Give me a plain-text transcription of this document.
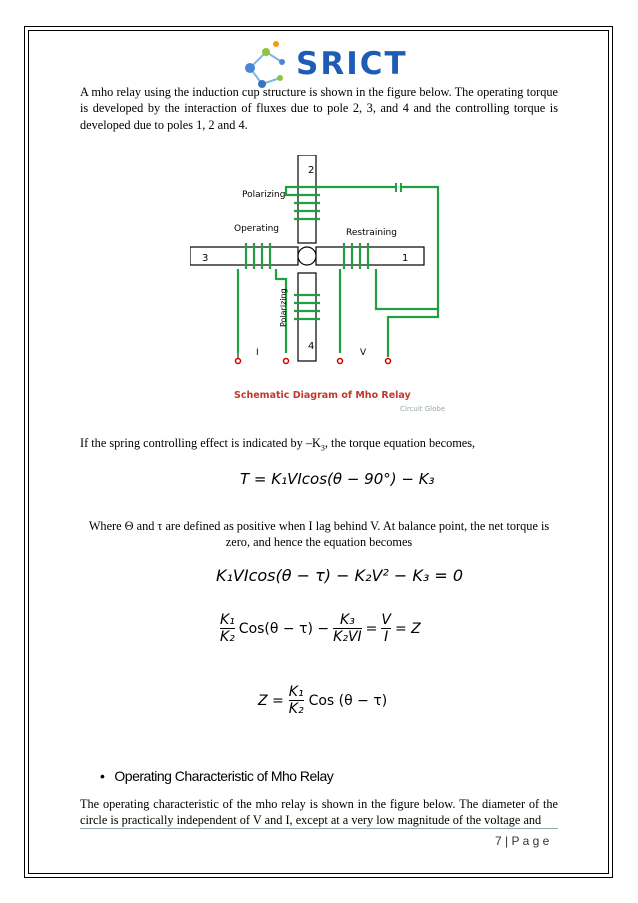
SRICT

A mho relay using the induction cup structure is shown in the figure below. The operating torque is developed by the interaction of fluxes due to pole 2, 3, and 4 and the controlling torque is developed due to poles 1, 2 and 4.

2
3	1
4
Polarizing
Operating	Restraining
Polarizing
I	V
Schematic Diagram of Mho Relay
Circuit Globe

If the spring controlling effect is indicated by $-K_3$, the torque equation becomes,

T = K₁VIcos(θ − 90°) − K₃

Where Θ and τ are defined as positive when I lag behind V. At balance point, the net torque is zero, and hence the equation becomes

K₁VIcos(θ − τ) − K₂V² − K₃ = 0
K₁
K₂
$Cos(\theta - \tau) - \frac{\text{K₃}}{\text{K₂VI}} = \frac{V}{I} = Z$
$Z = \frac{\text{K₁}}{\text{K₂}}$ Cos (θ − τ)
• Operating Characteristic of Mho Relay

The operating characteristic of the mho relay is shown in the figure below. The diameter of the circle is practically independent of V and I, except at a very low magnitude of the voltage and

7 | P a g e
